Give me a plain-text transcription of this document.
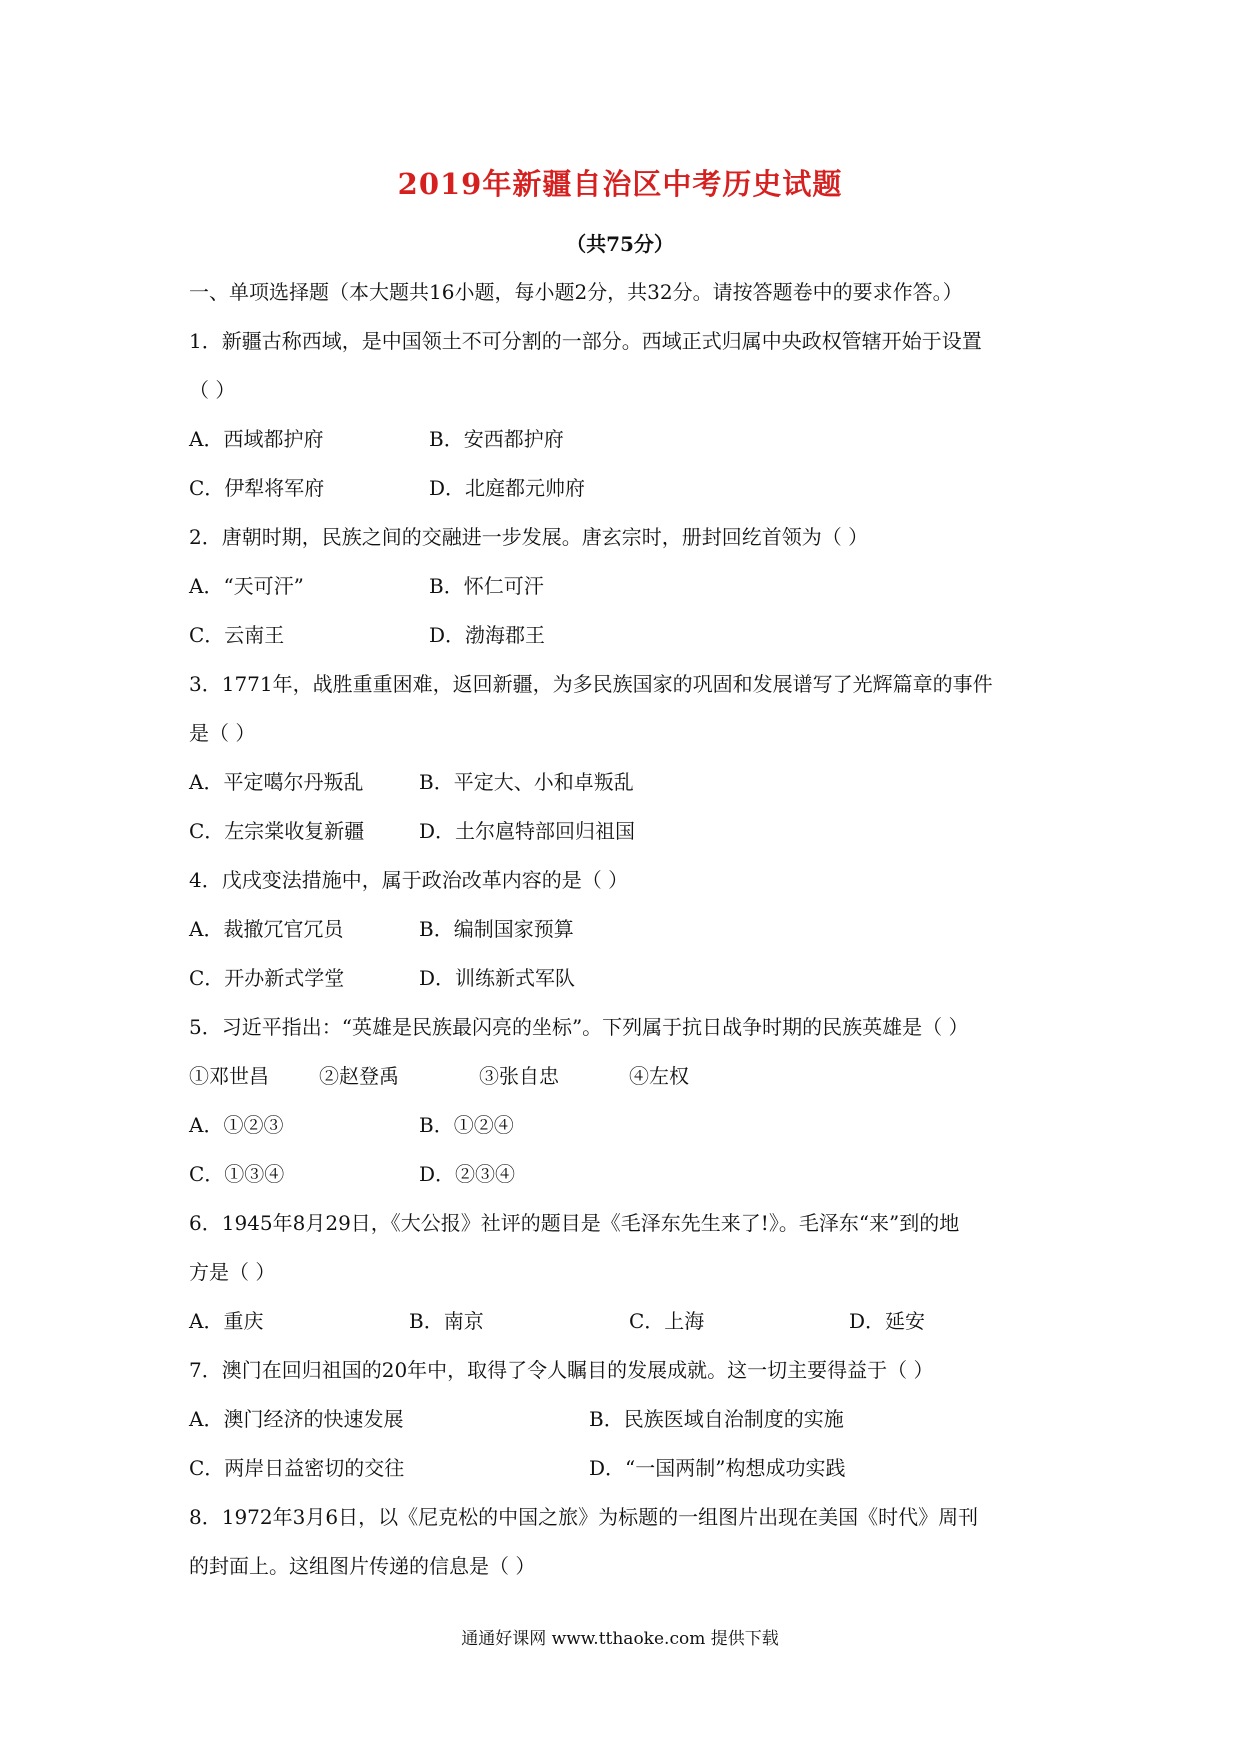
2019年新疆自治区中考历史试题
（共75分）
一、单项选择题（本大题共16小题，每小题2分，共32分。请按答题卷中的要求作答。）
1．新疆古称西域，是中国领土不可分割的一部分。西域正式归属中央政权管辖开始于设置
（ ）
A．西域都护府	B．安西都护府
C．伊犁将军府	D．北庭都元帅府
2．唐朝时期，民族之间的交融进一步发展。唐玄宗时，册封回纥首领为（ ）
A．“天可汗”	B．怀仁可汗
C．云南王	D．渤海郡王
3．1771年，战胜重重困难，返回新疆，为多民族国家的巩固和发展谱写了光辉篇章的事件
是（ ）
A．平定噶尔丹叛乱	B．平定大、小和卓叛乱
C．左宗棠收复新疆	D．土尔扈特部回归祖国
4．戊戌变法措施中，属于政治改革内容的是（ ）
A．裁撤冗官冗员	B．编制国家预算
C．开办新式学堂	D．训练新式军队
5．习近平指出：“英雄是民族最闪亮的坐标”。下列属于抗日战争时期的民族英雄是（ ）
①邓世昌	②赵登禹	③张自忠	④左权
A．①②③	B．①②④
C．①③④	D．②③④
6．1945年8月29日，《大公报》社评的题目是《毛泽东先生来了!》。毛泽东“来”到的地
方是（ ）
A．重庆	B．南京	C．上海	D．延安
7．澳门在回归祖国的20年中，取得了令人瞩目的发展成就。这一切主要得益于（ ）
A．澳门经济的快速发展	B．民族医域自治制度的实施
C．两岸日益密切的交往	D．“一国两制”构想成功实践
8．1972年3月6日，以《尼克松的中国之旅》为标题的一组图片出现在美国《时代》周刊
的封面上。这组图片传递的信息是（ ）
通通好课网 www.tthaoke.com 提供下载
